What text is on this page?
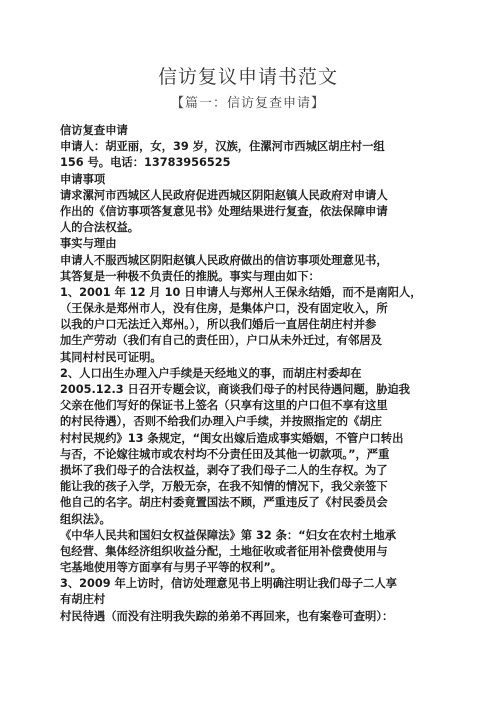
信访复议申请书范文
【篇一：信访复查申请】
信访复查申请
申请人：胡亚丽，女，39 岁，汉族，住漯河市西城区胡庄村一组
156 号。电话：13783956525
申请事项
请求漯河市西城区人民政府促进西城区阴阳赵镇人民政府对申请人
作出的《信访事项答复意见书》处理结果进行复查，依法保障申请
人的合法权益。
事实与理由
申请人不服西城区阴阳赵镇人民政府做出的信访事项处理意见书，
其答复是一种极不负责任的推脱。事实与理由如下：
1、2001 年 12 月 10 日申请人与郑州人王保永结婚，而不是南阳人，
（王保永是郑州市人，没有住房，是集体户口，没有固定收入，所
以我的户口无法迁入郑州。），所以我们婚后一直居住胡庄村并参
加生产劳动（我们有自己的责任田），户口从未外迁过，有邻居及
其同村村民可证明。
2、人口出生办理入户手续是天经地义的事，而胡庄村委却在
2005.12.3 日召开专题会议，商谈我们母子的村民待遇问题，胁迫我
父亲在他们写好的保证书上签名（只享有这里的户口但不享有这里
的村民待遇），否则不给我们办理入户手续，并按照指定的《胡庄
村村民规约》13 条规定，“闺女出嫁后造成事实婚姻，不管户口转出
与否，不论嫁往城市或农村均不分责任田及其他一切款项。”，严重
损坏了我们母子的合法权益，剥夺了我们母子二人的生存权。为了
能让我的孩子入学，万般无奈，在我不知情的情况下，我父亲签下
他自己的名字。胡庄村委竟置国法不顾，严重违反了《村民委员会
组织法》。
《中华人民共和国妇女权益保障法》第 32 条：“妇女在农村土地承
包经营、集体经济组织收益分配，土地征收或者征用补偿费使用与
宅基地使用等方面享有与男子平等的权利”。
3、2009 年上访时，信访处理意见书上明确注明让我们母子二人享
有胡庄村
村民待遇（而没有注明我失踪的弟弟不再回来，也有案卷可查明）：
